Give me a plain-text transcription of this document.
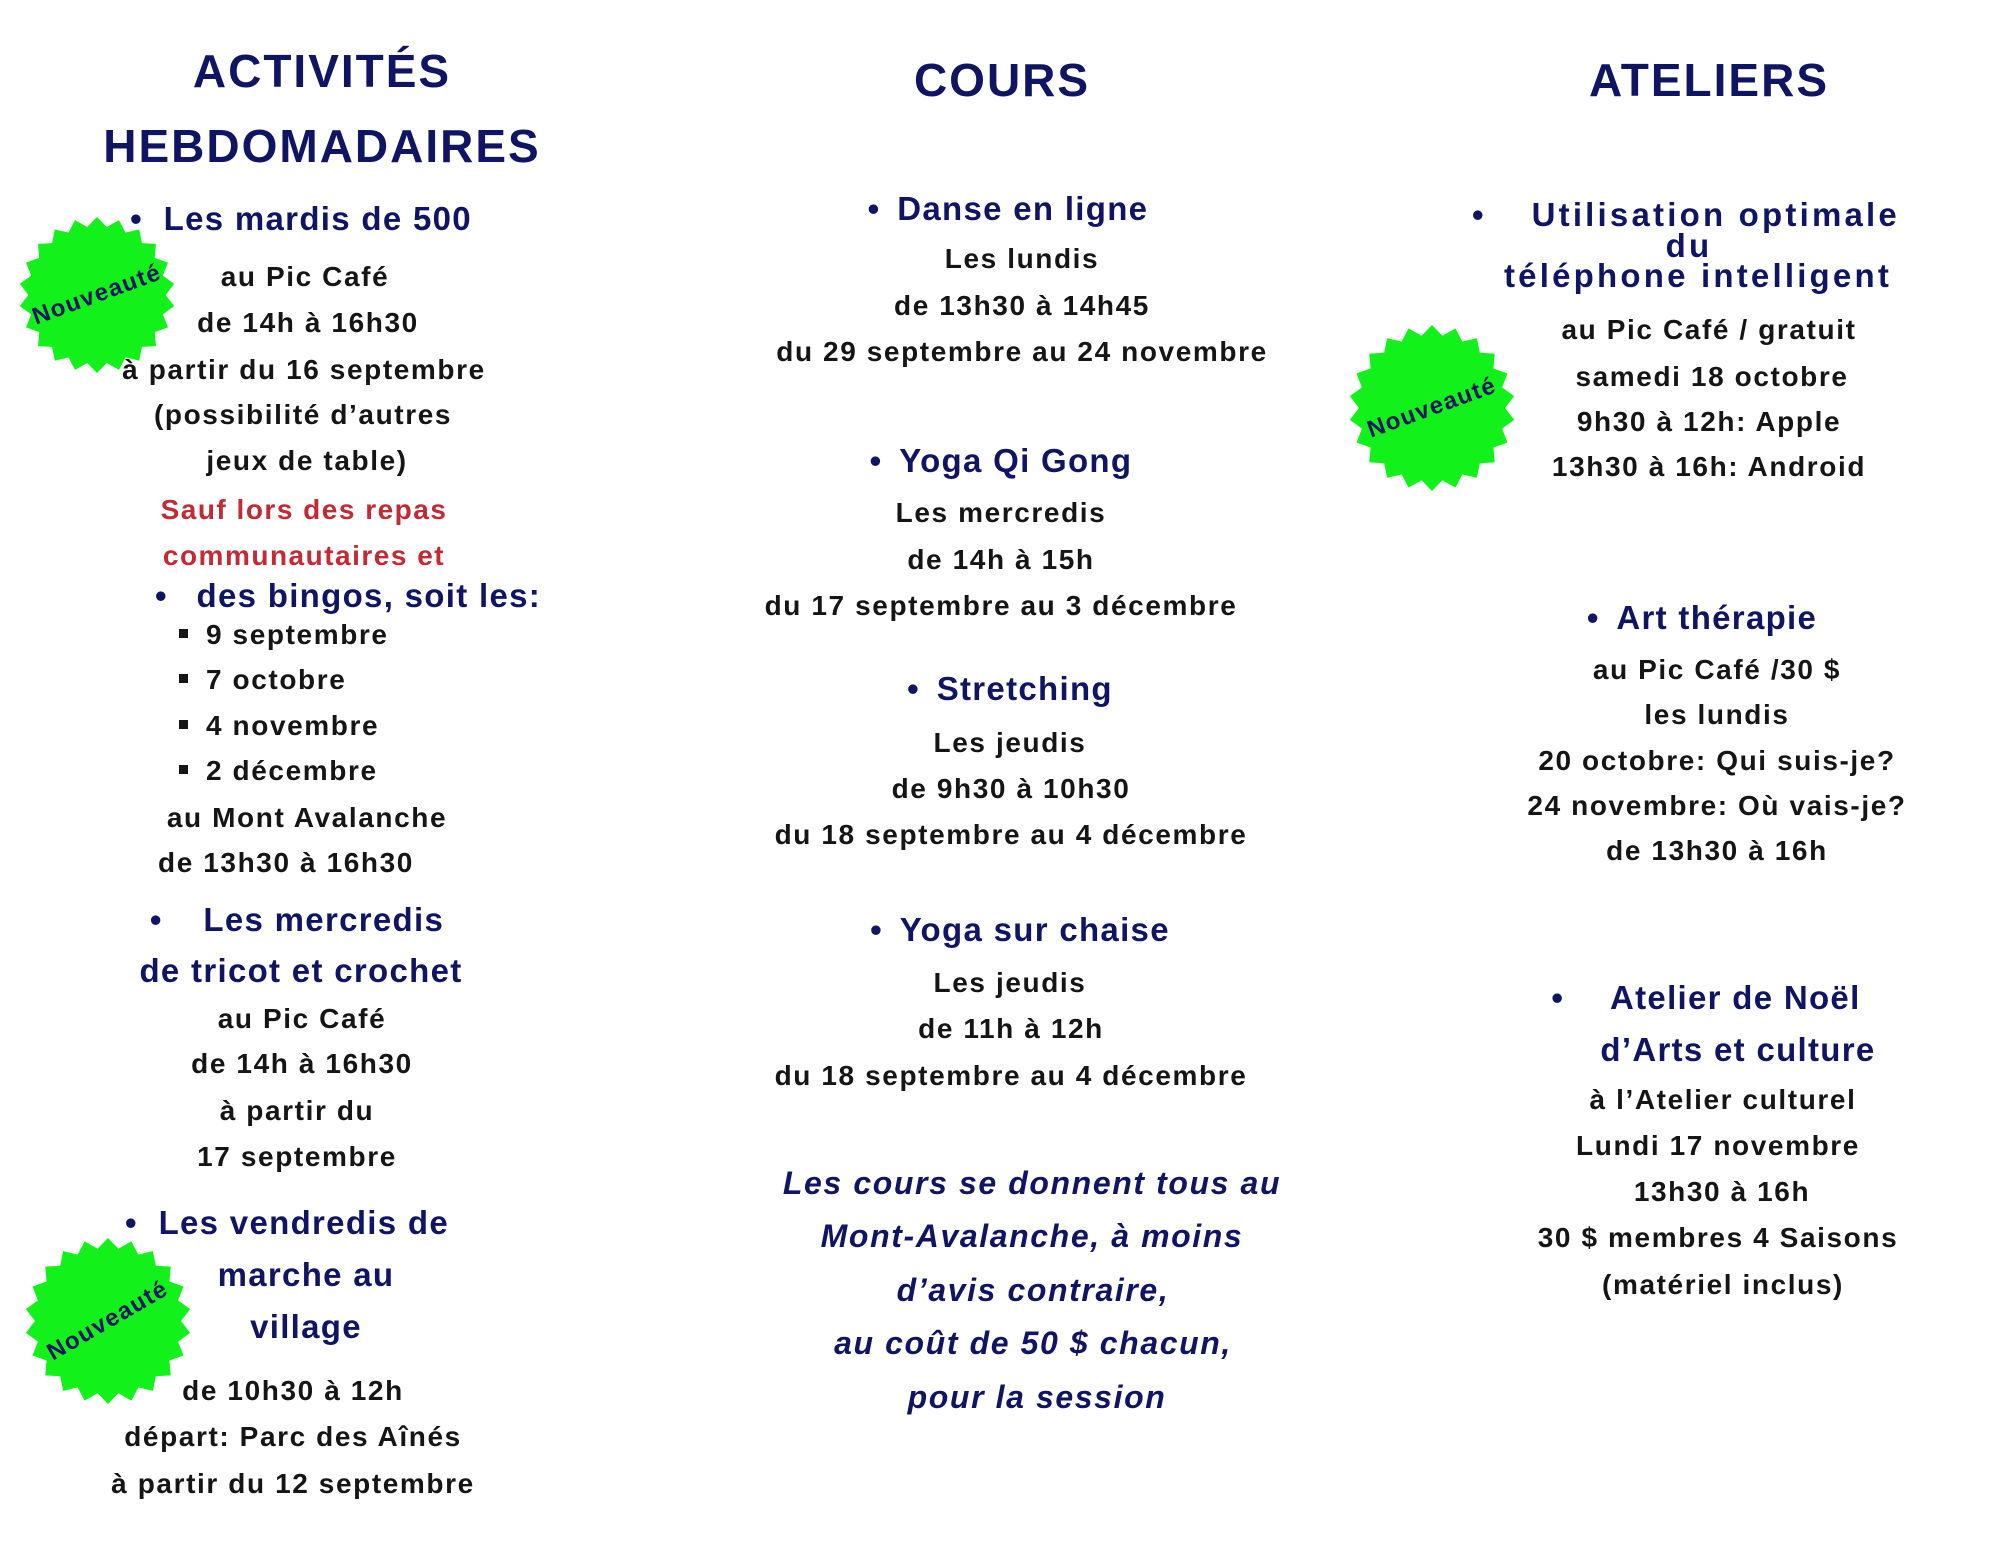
Nouveauté
Nouveauté
Nouveauté
ACTIVITÉS
HEBDOMADAIRES
• Les mardis de 500
au Pic Café
de 14h à 16h30
à partir du 16 septembre
(possibilité d’autres
jeux de table)
Sauf lors des repas
communautaires et
• des bingos, soit les:
9 septembre
7 octobre
4 novembre
2 décembre
au Mont Avalanche
de 13h30 à 16h30
• Les mercredis
de tricot et crochet
au Pic Café
de 14h à 16h30
à partir du
17 septembre
• Les vendredis de
marche au
village
de 10h30 à 12h
départ: Parc des Aînés
à partir du 12 septembre
COURS
• Danse en ligne
Les lundis
de 13h30 à 14h45
du 29 septembre au 24 novembre
• Yoga Qi Gong
Les mercredis
de 14h à 15h
du 17 septembre au 3 décembre
• Stretching
Les jeudis
de 9h30 à 10h30
du 18 septembre au 4 décembre
• Yoga sur chaise
Les jeudis
de 11h à 12h
du 18 septembre au 4 décembre
Les cours se donnent tous au
Mont-Avalanche, à moins
d’avis contraire,
au coût de 50 $ chacun,
pour la session
ATELIERS
• Utilisation optimale
du
téléphone intelligent
au Pic Café / gratuit
samedi 18 octobre
9h30 à 12h: Apple
13h30 à 16h: Android
• Art thérapie
au Pic Café /30 $
les lundis
20 octobre: Qui suis-je?
24 novembre: Où vais-je?
de 13h30 à 16h
• Atelier de Noël
d’Arts et culture
à l’Atelier culturel
Lundi 17 novembre
13h30 à 16h
30 $ membres 4 Saisons
(matériel inclus)
